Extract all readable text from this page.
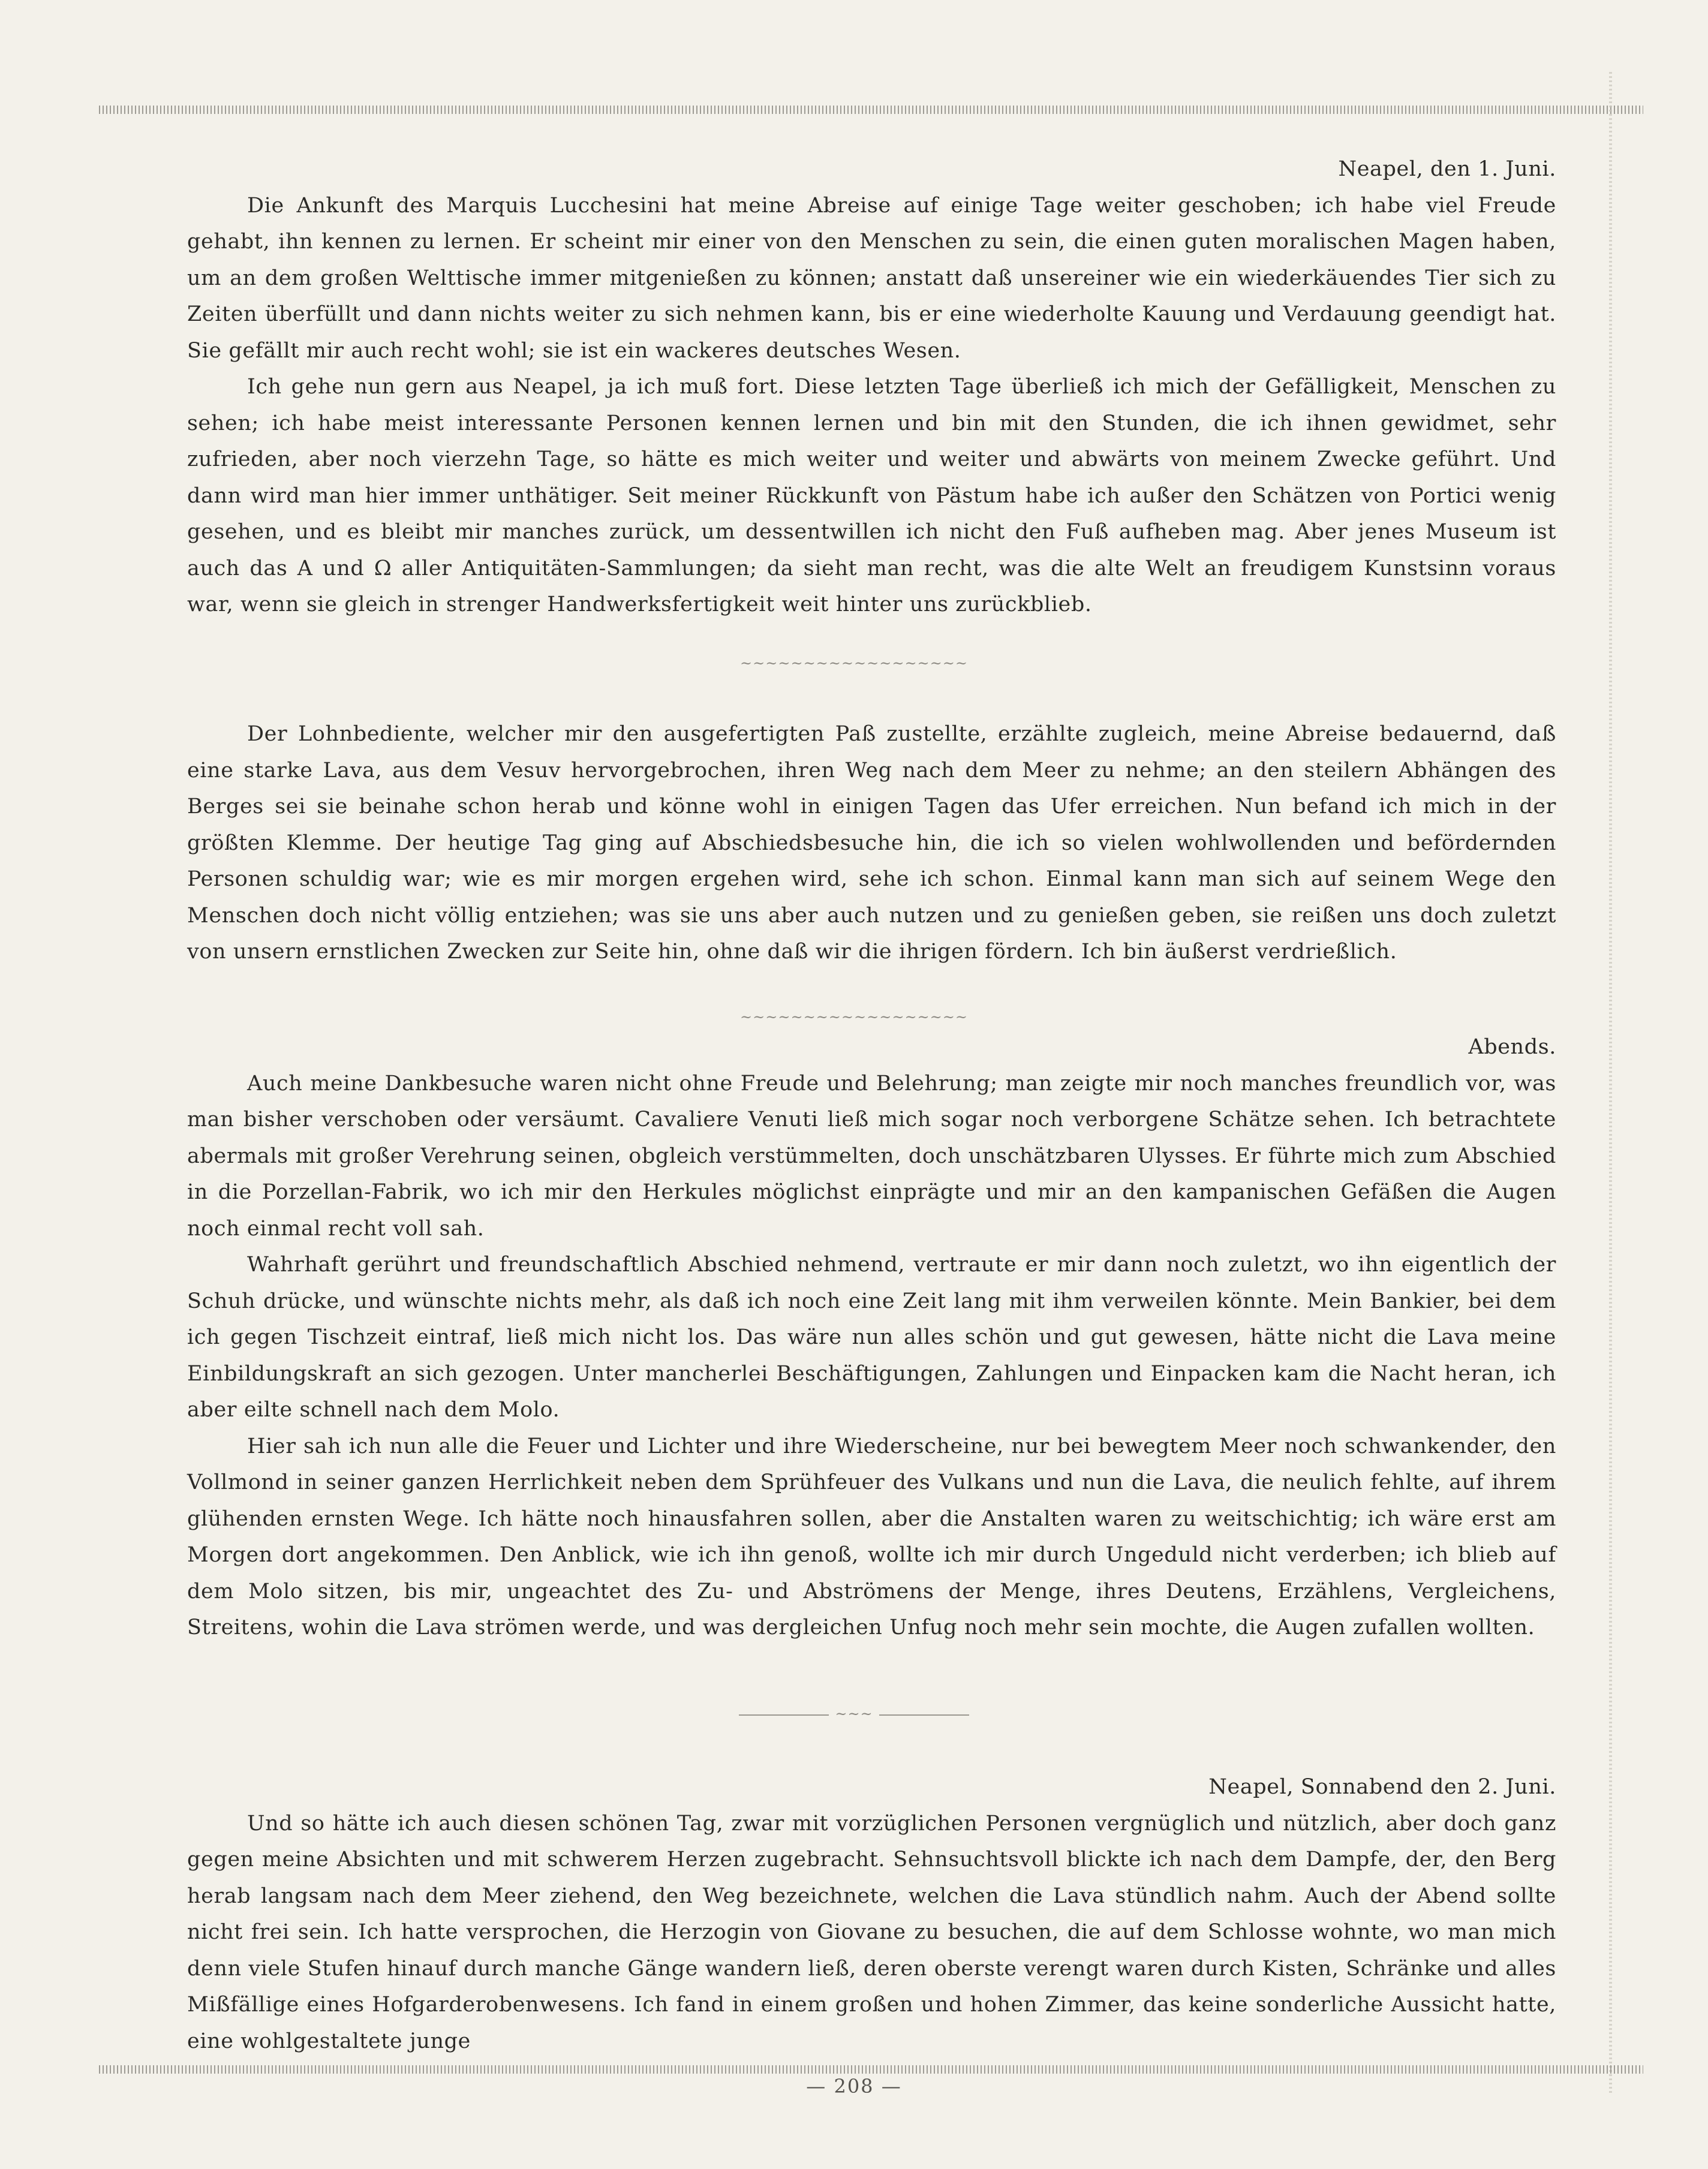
Neapel, den 1. Juni.

Die Ankunft des Marquis Lucchesini hat meine Abreise auf einige Tage weiter geschoben; ich habe viel Freude gehabt, ihn kennen zu lernen. Er scheint mir einer von den Menschen zu sein, die einen guten moralischen Magen haben, um an dem großen Welttische immer mitgenießen zu können; anstatt daß unsereiner wie ein wiederkäuendes Tier sich zu Zeiten überfüllt und dann nichts weiter zu sich nehmen kann, bis er eine wiederholte Kauung und Verdauung geendigt hat. Sie gefällt mir auch recht wohl; sie ist ein wackeres deutsches Wesen.

Ich gehe nun gern aus Neapel, ja ich muß fort. Diese letzten Tage überließ ich mich der Gefälligkeit, Menschen zu sehen; ich habe meist interessante Personen kennen lernen und bin mit den Stunden, die ich ihnen gewidmet, sehr zufrieden, aber noch vierzehn Tage, so hätte es mich weiter und weiter und abwärts von meinem Zwecke geführt. Und dann wird man hier immer unthätiger. Seit meiner Rückkunft von Pästum habe ich außer den Schätzen von Portici wenig gesehen, und es bleibt mir manches zurück, um dessentwillen ich nicht den Fuß aufheben mag. Aber jenes Museum ist auch das A und Ω aller Antiquitäten-Sammlungen; da sieht man recht, was die alte Welt an freudigem Kunstsinn voraus war, wenn sie gleich in strenger Handwerksfertigkeit weit hinter uns zurückblieb.

~~~~~~~~~~~~~~~~~~

Der Lohnbediente, welcher mir den ausgefertigten Paß zustellte, erzählte zugleich, meine Abreise bedauernd, daß eine starke Lava, aus dem Vesuv hervorgebrochen, ihren Weg nach dem Meer zu nehme; an den steilern Abhängen des Berges sei sie beinahe schon herab und könne wohl in einigen Tagen das Ufer erreichen. Nun befand ich mich in der größten Klemme. Der heutige Tag ging auf Abschiedsbesuche hin, die ich so vielen wohlwollenden und befördernden Personen schuldig war; wie es mir morgen ergehen wird, sehe ich schon. Einmal kann man sich auf seinem Wege den Menschen doch nicht völlig entziehen; was sie uns aber auch nutzen und zu genießen geben, sie reißen uns doch zuletzt von unsern ernstlichen Zwecken zur Seite hin, ohne daß wir die ihrigen fördern. Ich bin äußerst verdrießlich.

~~~~~~~~~~~~~~~~~~

Abends.

Auch meine Dankbesuche waren nicht ohne Freude und Belehrung; man zeigte mir noch manches freundlich vor, was man bisher verschoben oder versäumt. Cavaliere Venuti ließ mich sogar noch verborgene Schätze sehen. Ich betrachtete abermals mit großer Verehrung seinen, obgleich verstümmelten, doch unschätzbaren Ulysses. Er führte mich zum Abschied in die Porzellan-Fabrik, wo ich mir den Herkules möglichst einprägte und mir an den kampanischen Gefäßen die Augen noch einmal recht voll sah.

Wahrhaft gerührt und freundschaftlich Abschied nehmend, vertraute er mir dann noch zuletzt, wo ihn eigentlich der Schuh drücke, und wünschte nichts mehr, als daß ich noch eine Zeit lang mit ihm verweilen könnte. Mein Bankier, bei dem ich gegen Tischzeit eintraf, ließ mich nicht los. Das wäre nun alles schön und gut gewesen, hätte nicht die Lava meine Einbildungskraft an sich gezogen. Unter mancherlei Beschäftigungen, Zahlungen und Einpacken kam die Nacht heran, ich aber eilte schnell nach dem Molo.

Hier sah ich nun alle die Feuer und Lichter und ihre Wiederscheine, nur bei bewegtem Meer noch schwankender, den Vollmond in seiner ganzen Herrlichkeit neben dem Sprühfeuer des Vulkans und nun die Lava, die neulich fehlte, auf ihrem glühenden ernsten Wege. Ich hätte noch hinausfahren sollen, aber die Anstalten waren zu weitschichtig; ich wäre erst am Morgen dort angekommen. Den Anblick, wie ich ihn genoß, wollte ich mir durch Ungeduld nicht verderben; ich blieb auf dem Molo sitzen, bis mir, ungeachtet des Zu- und Abströmens der Menge, ihres Deutens, Erzählens, Vergleichens, Streitens, wohin die Lava strömen werde, und was dergleichen Unfug noch mehr sein mochte, die Augen zufallen wollten.

~~~

Neapel, Sonnabend den 2. Juni.

Und so hätte ich auch diesen schönen Tag, zwar mit vorzüglichen Personen vergnüglich und nützlich, aber doch ganz gegen meine Absichten und mit schwerem Herzen zugebracht. Sehnsuchtsvoll blickte ich nach dem Dampfe, der, den Berg herab langsam nach dem Meer ziehend, den Weg bezeichnete, welchen die Lava stündlich nahm. Auch der Abend sollte nicht frei sein. Ich hatte versprochen, die Herzogin von Giovane zu besuchen, die auf dem Schlosse wohnte, wo man mich denn viele Stufen hinauf durch manche Gänge wandern ließ, deren oberste verengt waren durch Kisten, Schränke und alles Mißfällige eines Hofgarderobenwesens. Ich fand in einem großen und hohen Zimmer, das keine sonderliche Aussicht hatte, eine wohlgestaltete junge

— 208 —
